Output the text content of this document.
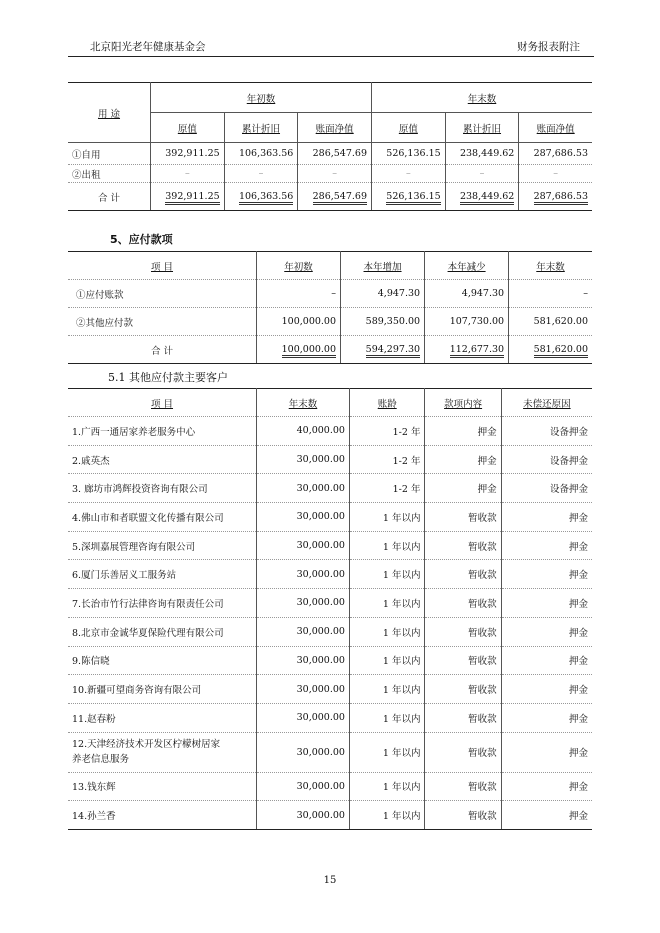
北京阳光老年健康基金会	财务报表附注
用 途	年初数			年末数		
	原值	累计折旧	账面净值	原值	累计折旧	账面净值
①自用	392,911.25	106,363.56	286,547.69	526,136.15	238,449.62	287,686.53
②出租	–	–	–	–	–	–
合 计	392,911.25	106,363.56	286,547.69	526,136.15	238,449.62	287,686.53
5、应付款项
项 目	年初数	本年增加	本年减少	年末数
①应付账款	–	4,947.30	4,947.30	–
②其他应付款	100,000.00	589,350.00	107,730.00	581,620.00
合 计	100,000.00	594,297.30	112,677.30	581,620.00
5.1 其他应付款主要客户
项 目	年末数	账龄	款项内容	未偿还原因
1.广西一通居家养老服务中心	40,000.00	1-2 年	押金	设备押金
2.戚英杰	30,000.00	1-2 年	押金	设备押金
3. 廊坊市鸿辉投资咨询有限公司	30,000.00	1-2 年	押金	设备押金
4.佛山市和者联盟文化传播有限公司	30,000.00	1 年以内	暂收款	押金
5.深圳嘉展管理咨询有限公司	30,000.00	1 年以内	暂收款	押金
6.厦门乐善居义工服务站	30,000.00	1 年以内	暂收款	押金
7.长治市竹行法律咨询有限责任公司	30,000.00	1 年以内	暂收款	押金
8.北京市金诚华夏保险代理有限公司	30,000.00	1 年以内	暂收款	押金
9.陈信晓	30,000.00	1 年以内	暂收款	押金
10.新疆可望商务咨询有限公司	30,000.00	1 年以内	暂收款	押金
11.赵春粉	30,000.00	1 年以内	暂收款	押金

12.天津经济技术开发区柠檬树居家
养老信息服务	30,000.00	1 年以内	暂收款	押金
13.钱东辉	30,000.00	1 年以内	暂收款	押金
14.孙兰香	30,000.00	1 年以内	暂收款	押金
15
